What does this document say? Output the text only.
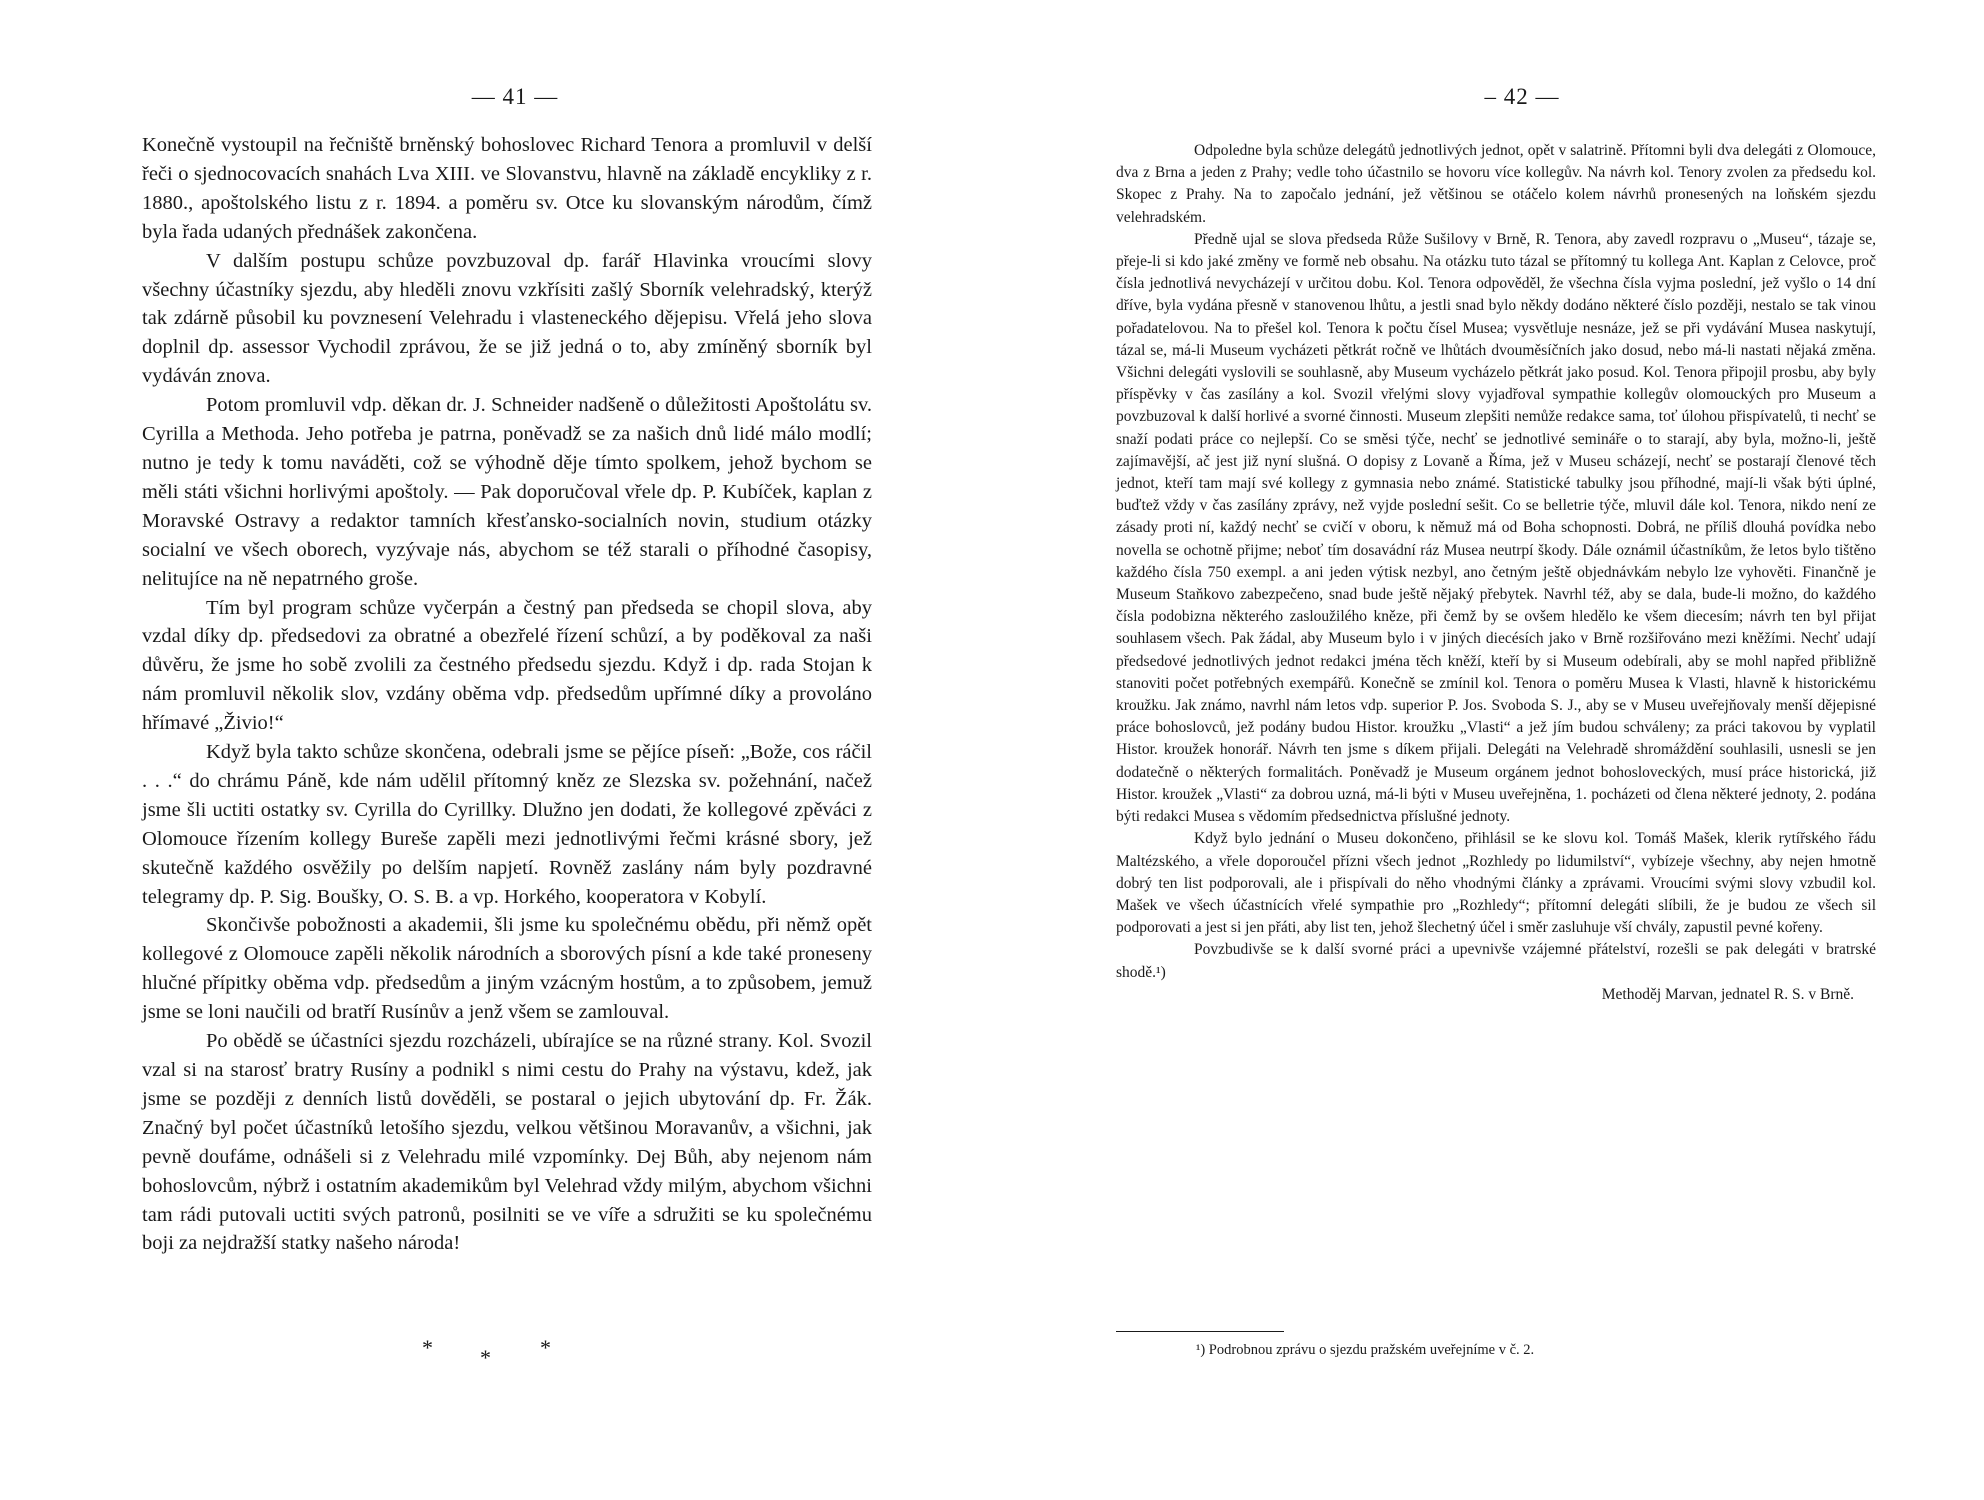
— 41 —

Konečně vystoupil na řečniště brněnský bohoslovec Richard Tenora a promluvil v delší řeči o sjednocovacích snahách Lva XIII. ve Slovanstvu, hlavně na základě encykliky z r. 1880., apoštolského listu z r. 1894. a poměru sv. Otce ku slovanským národům, čímž byla řada udaných přednášek zakončena.

V dalším postupu schůze povzbuzoval dp. farář Hlavinka vroucími slovy všechny účastníky sjezdu, aby hleděli znovu vzkřísiti zašlý Sborník velehradský, kterýž tak zdárně působil ku povznesení Velehradu i vlasteneckého dějepisu. Vřelá jeho slova doplnil dp. assessor Vychodil zprávou, že se již jedná o to, aby zmíněný sborník byl vydáván znova.

Potom promluvil vdp. děkan dr. J. Schneider nadšeně o důležitosti Apoštolátu sv. Cyrilla a Methoda. Jeho potřeba je patrna, poněvadž se za našich dnů lidé málo modlí; nutno je tedy k tomu naváděti, což se výhodně děje tímto spolkem, jehož bychom se měli státi všichni horlivými apoštoly. — Pak doporučoval vřele dp. P. Kubíček, kaplan z Moravské Ostravy a redaktor tamních křesťansko-socialních novin, studium otázky socialní ve všech oborech, vyzývaje nás, abychom se též starali o příhodné časopisy, nelitujíce na ně nepatrného groše.

Tím byl program schůze vyčerpán a čestný pan předseda se chopil slova, aby vzdal díky dp. předsedovi za obratné a obezřelé řízení schůzí, a by poděkoval za naši důvěru, že jsme ho sobě zvolili za čestného předsedu sjezdu. Když i dp. rada Stojan k nám promluvil několik slov, vzdány oběma vdp. předsedům upřímné díky a provoláno hřímavé „Živio!“

Když byla takto schůze skončena, odebrali jsme se pějíce píseň: „Bože, cos ráčil . . .“ do chrámu Páně, kde nám udělil přítomný kněz ze Slezska sv. požehnání, načež jsme šli uctiti ostatky sv. Cyrilla do Cyrillky. Dlužno jen dodati, že kollegové zpěváci z Olomouce řízením kollegy Bureše zapěli mezi jednotlivými řečmi krásné sbory, jež skutečně každého osvěžily po delším napjetí. Rovněž zaslány nám byly pozdravné telegramy dp. P. Sig. Boušky, O. S. B. a vp. Horkého, kooperatora v Kobylí.

Skončivše pobožnosti a akademii, šli jsme ku společnému obědu, při němž opět kollegové z Olomouce zapěli několik národních a sborových písní a kde také proneseny hlučné přípitky oběma vdp. předsedům a jiným vzácným hostům, a to způsobem, jemuž jsme se loni naučili od bratří Rusínův a jenž všem se zamlouval.

Po obědě se účastníci sjezdu rozcházeli, ubírajíce se na různé strany. Kol. Svozil vzal si na starosť bratry Rusíny a podnikl s nimi cestu do Prahy na výstavu, kdež, jak jsme se později z denních listů dověděli, se postaral o jejich ubytování dp. Fr. Žák. Značný byl počet účastníků letošího sjezdu, velkou většinou Moravanův, a všichni, jak pevně doufáme, odnášeli si z Velehradu milé vzpomínky. Dej Bůh, aby nejenom nám bohoslovcům, nýbrž i ostatním akademikům byl Velehrad vždy milým, abychom všichni tam rádi putovali uctiti svých patronů, posilniti se ve víře a sdružiti se ku společnému boji za nejdražší statky našeho národa!

* * *
– 42 —

Odpoledne byla schůze delegátů jednotlivých jednot, opět v salatrině. Přítomni byli dva delegáti z Olomouce, dva z Brna a jeden z Prahy; vedle toho účastnilo se hovoru více kollegův. Na návrh kol. Tenory zvolen za předsedu kol. Skopec z Prahy. Na to započalo jednání, jež většinou se otáčelo kolem návrhů pronesených na loňském sjezdu velehradském.

Předně ujal se slova předseda Růže Sušilovy v Brně, R. Tenora, aby zavedl rozpravu o „Museu“, tázaje se, přeje-li si kdo jaké změny ve formě neb obsahu. Na otázku tuto tázal se přítomný tu kollega Ant. Kaplan z Celovce, proč čísla jednotlivá nevycházejí v určitou dobu. Kol. Tenora odpověděl, že všechna čísla vyjma poslední, jež vyšlo o 14 dní dříve, byla vydána přesně v stanovenou lhůtu, a jestli snad bylo někdy dodáno některé číslo později, nestalo se tak vinou pořadatelovou. Na to přešel kol. Tenora k počtu čísel Musea; vysvětluje nesnáze, jež se při vydávání Musea naskytují, tázal se, má-li Museum vycházeti pětkrát ročně ve lhůtách dvouměsíčních jako dosud, nebo má-li nastati nějaká změna. Všichni delegáti vyslovili se souhlasně, aby Museum vycházelo pětkrát jako posud. Kol. Tenora připojil prosbu, aby byly příspěvky v čas zasílány a kol. Svozil vřelými slovy vyjadřoval sympathie kollegův olomouckých pro Museum a povzbuzoval k další horlivé a svorné činnosti. Museum zlepšiti nemůže redakce sama, toť úlohou přispívatelů, ti nechť se snaží podati práce co nejlepší. Co se směsi týče, nechť se jednotlivé semináře o to starají, aby byla, možno-li, ještě zajímavější, ač jest již nyní slušná. O dopisy z Lovaně a Říma, jež v Museu scházejí, nechť se postarají členové těch jednot, kteří tam mají své kollegy z gymnasia nebo známé. Statistické tabulky jsou příhodné, mají-li však býti úplné, buďtež vždy v čas zasílány zprávy, než vyjde poslední sešit. Co se belletrie týče, mluvil dále kol. Tenora, nikdo není ze zásady proti ní, každý nechť se cvičí v oboru, k němuž má od Boha schopnosti. Dobrá, ne příliš dlouhá povídka nebo novella se ochotně přijme; neboť tím dosavádní ráz Musea neutrpí škody. Dále oznámil účastníkům, že letos bylo tištěno každého čísla 750 exempl. a ani jeden výtisk nezbyl, ano četným ještě objednávkám nebylo lze vyhověti. Finančně je Museum Staňkovo zabezpečeno, snad bude ještě nějaký přebytek. Navrhl též, aby se dala, bude-li možno, do každého čísla podobizna některého zasloužilého kněze, při čemž by se ovšem hledělo ke všem diecesím; návrh ten byl přijat souhlasem všech. Pak žádal, aby Museum bylo i v jiných diecésích jako v Brně rozšiřováno mezi kněžími. Nechť udají předsedové jednotlivých jednot redakci jména těch kněží, kteří by si Museum odebírali, aby se mohl napřed přibližně stanoviti počet potřebných exempářů. Konečně se zmínil kol. Tenora o poměru Musea k Vlasti, hlavně k historickému kroužku. Jak známo, navrhl nám letos vdp. superior P. Jos. Svoboda S. J., aby se v Museu uveřejňovaly menší dějepisné práce bohoslovců, jež podány budou Histor. kroužku „Vlasti“ a jež jím budou schváleny; za práci takovou by vyplatil Histor. kroužek honorář. Návrh ten jsme s díkem přijali. Delegáti na Velehradě shromáždění souhlasili, usnesli se jen dodatečně o některých formalitách. Poněvadž je Museum orgánem jednot bohosloveckých, musí práce historická, již Histor. kroužek „Vlasti“ za dobrou uzná, má-li býti v Museu uveřejněna, 1. pocházeti od člena některé jednoty, 2. podána býti redakci Musea s vědomím předsednictva příslušné jednoty.

Když bylo jednání o Museu dokončeno, přihlásil se ke slovu kol. Tomáš Mašek, klerik rytířského řádu Maltézského, a vřele doporoučel přízni všech jednot „Rozhledy po lidumilství“, vybízeje všechny, aby nejen hmotně dobrý ten list podporovali, ale i přispívali do něho vhodnými články a zprávami. Vroucími svými slovy vzbudil kol. Mašek ve všech účastnících vřelé sympathie pro „Rozhledy“; přítomní delegáti slíbili, že je budou ze všech sil podporovati a jest si jen přáti, aby list ten, jehož šlechetný účel i směr zasluhuje vší chvály, zapustil pevné kořeny.

Povzbudivše se k další svorné práci a upevnivše vzájemné přátelství, rozešli se pak delegáti v bratrské shodě.¹)

Methoděj Marvan, jednatel R. S. v Brně.

¹) Podrobnou zprávu o sjezdu pražském uveřejníme v č. 2.
